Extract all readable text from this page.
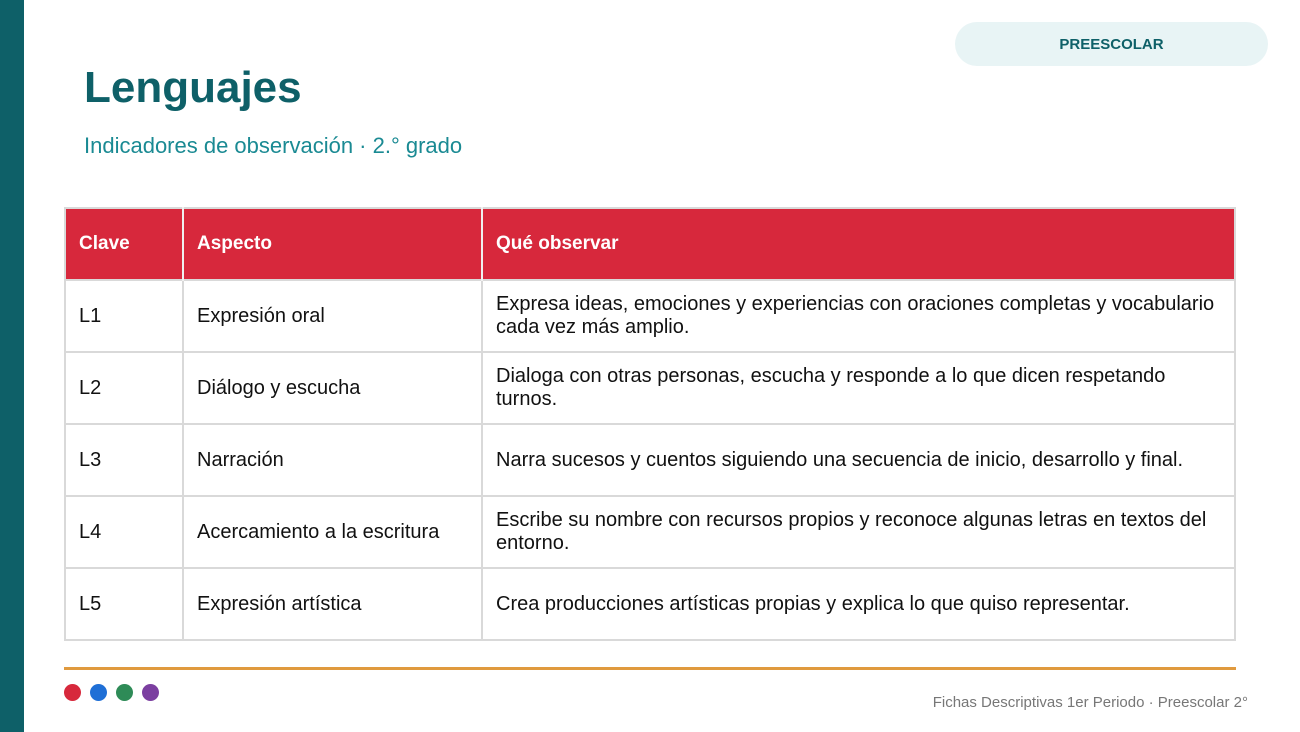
PREESCOLAR
Lenguajes
Indicadores de observación · 2.° grado
Clave	Aspecto	Qué observar
L1	Expresión oral	Expresa ideas, emociones y experiencias con oraciones completas y vocabulario cada vez más amplio.
L2	Diálogo y escucha	Dialoga con otras personas, escucha y responde a lo que dicen respetando turnos.
L3	Narración	Narra sucesos y cuentos siguiendo una secuencia de inicio, desarrollo y final.
L4	Acercamiento a la escritura	Escribe su nombre con recursos propios y reconoce algunas letras en textos del entorno.
L5	Expresión artística	Crea producciones artísticas propias y explica lo que quiso representar.
Fichas Descriptivas 1er Periodo · Preescolar 2°
